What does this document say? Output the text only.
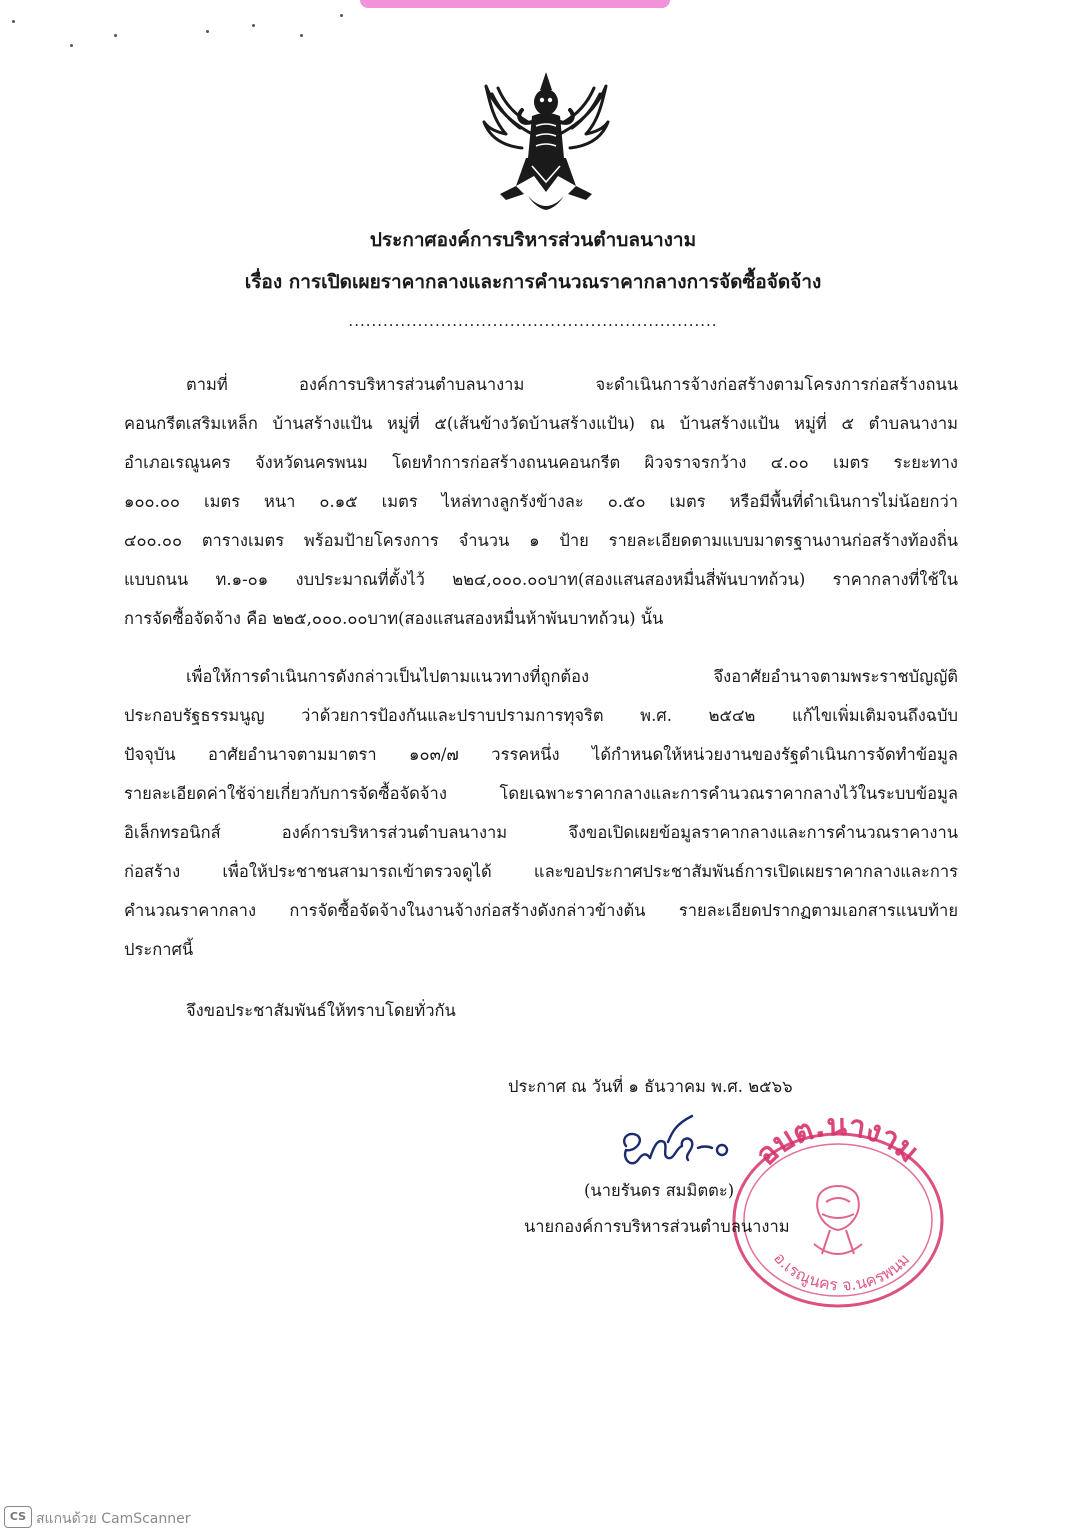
ประกาศองค์การบริหารส่วนตำบลนางาม
เรื่อง การเปิดเผยราคากลางและการคำนวณราคากลางการจัดซื้อจัดจ้าง
................................................................
ตามที่ องค์การบริหารส่วนตำบลนางาม จะดำเนินการจ้างก่อสร้างตามโครงการก่อสร้างถนน
คอนกรีตเสริมเหล็ก บ้านสร้างแป้น หมู่ที่ ๕(เส้นข้างวัดบ้านสร้างแป้น) ณ บ้านสร้างแป้น หมู่ที่ ๕ ตำบลนางาม
อำเภอเรณูนคร จังหวัดนครพนม โดยทำการก่อสร้างถนนคอนกรีต ผิวจราจรกว้าง ๔.๐๐ เมตร ระยะทาง
๑๐๐.๐๐ เมตร หนา ๐.๑๕ เมตร ไหล่ทางลูกรังข้างละ ๐.๕๐ เมตร หรือมีพื้นที่ดำเนินการไม่น้อยกว่า
๔๐๐.๐๐ ตารางเมตร พร้อมป้ายโครงการ จำนวน ๑ ป้าย รายละเอียดตามแบบมาตรฐานงานก่อสร้างท้องถิ่น
แบบถนน ท.๑-๐๑ งบประมาณที่ตั้งไว้ ๒๒๔,๐๐๐.๐๐บาท(สองแสนสองหมื่นสี่พันบาทถ้วน) ราคากลางที่ใช้ใน
การจัดซื้อจัดจ้าง คือ ๒๒๕,๐๐๐.๐๐บาท(สองแสนสองหมื่นห้าพันบาทถ้วน) นั้น
เพื่อให้การดำเนินการดังกล่าวเป็นไปตามแนวทางที่ถูกต้อง จึงอาศัยอำนาจตามพระราชบัญญัติ
ประกอบรัฐธรรมนูญ ว่าด้วยการป้องกันและปราบปรามการทุจริต พ.ศ. ๒๕๔๒ แก้ไขเพิ่มเติมจนถึงฉบับ
ปัจจุบัน อาศัยอำนาจตามมาตรา ๑๐๓/๗ วรรคหนึ่ง ได้กำหนดให้หน่วยงานของรัฐดำเนินการจัดทำข้อมูล
รายละเอียดค่าใช้จ่ายเกี่ยวกับการจัดซื้อจัดจ้าง โดยเฉพาะราคากลางและการคำนวณราคากลางไว้ในระบบข้อมูล
อิเล็กทรอนิกส์ องค์การบริหารส่วนตำบลนางาม จึงขอเปิดเผยข้อมูลราคากลางและการคำนวณราคางาน
ก่อสร้าง เพื่อให้ประชาชนสามารถเข้าตรวจดูได้ และขอประกาศประชาสัมพันธ์การเปิดเผยราคากลางและการ
คำนวณราคากลาง การจัดซื้อจัดจ้างในงานจ้างก่อสร้างดังกล่าวข้างต้น รายละเอียดปรากฏตามเอกสารแนบท้าย
ประกาศนี้
จึงขอประชาสัมพันธ์ให้ทราบโดยทั่วกัน
ประกาศ ณ วันที่ ๑ ธันวาคม พ.ศ. ๒๕๖๖
อบต.นางาม
อ.เรณูนคร จ.นครพนม
(นายรันดร สมมิตตะ)
นายกองค์การบริหารส่วนตำบลนางาม
CS สแกนด้วย CamScanner
